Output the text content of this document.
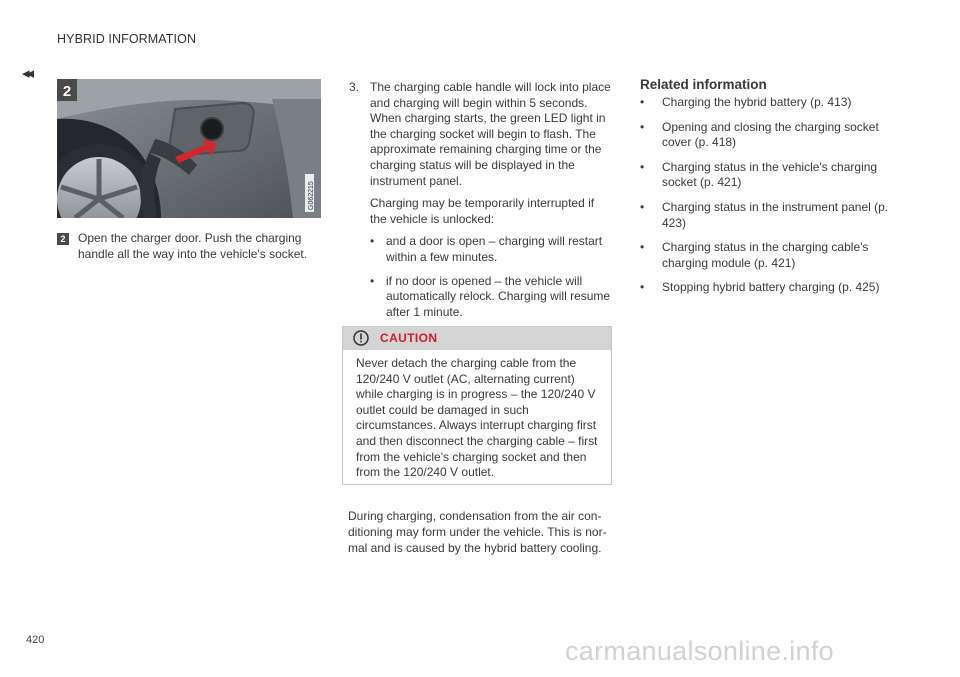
HYBRID INFORMATION
◂◂
2
G062215
2 Open the charger door. Push the charging handle all the way into the vehicle's socket.
3. The charging cable handle will lock into place and charging will begin within 5 seconds. When charging starts, the green LED light in the charging socket will begin to flash. The approximate remaining charging time or the charging status will be displayed in the instrument panel.

Charging may be temporarily interrupted if the vehicle is unlocked:

• and a door is open – charging will restart within a few minutes.
• if no door is opened – the vehicle will automatically relock. Charging will resume after 1 minute.
CAUTION
Never detach the charging cable from the 120/240 V outlet (AC, alternating current) while charging is in progress – the 120/240 V outlet could be damaged in such circumstances. Always interrupt charging first and then disconnect the charging cable – first from the vehicle's charging socket and then from the 120/240 V outlet.
During charging, condensation from the air con-ditioning may form under the vehicle. This is nor-mal and is caused by the hybrid battery cooling.
Related information
• Charging the hybrid battery (p. 413)
• Opening and closing the charging socket cover (p. 418)
• Charging status in the vehicle's charging socket (p. 421)
• Charging status in the instrument panel (p. 423)
• Charging status in the charging cable's charging module (p. 421)
• Stopping hybrid battery charging (p. 425)
420	carmanualsonline.info
